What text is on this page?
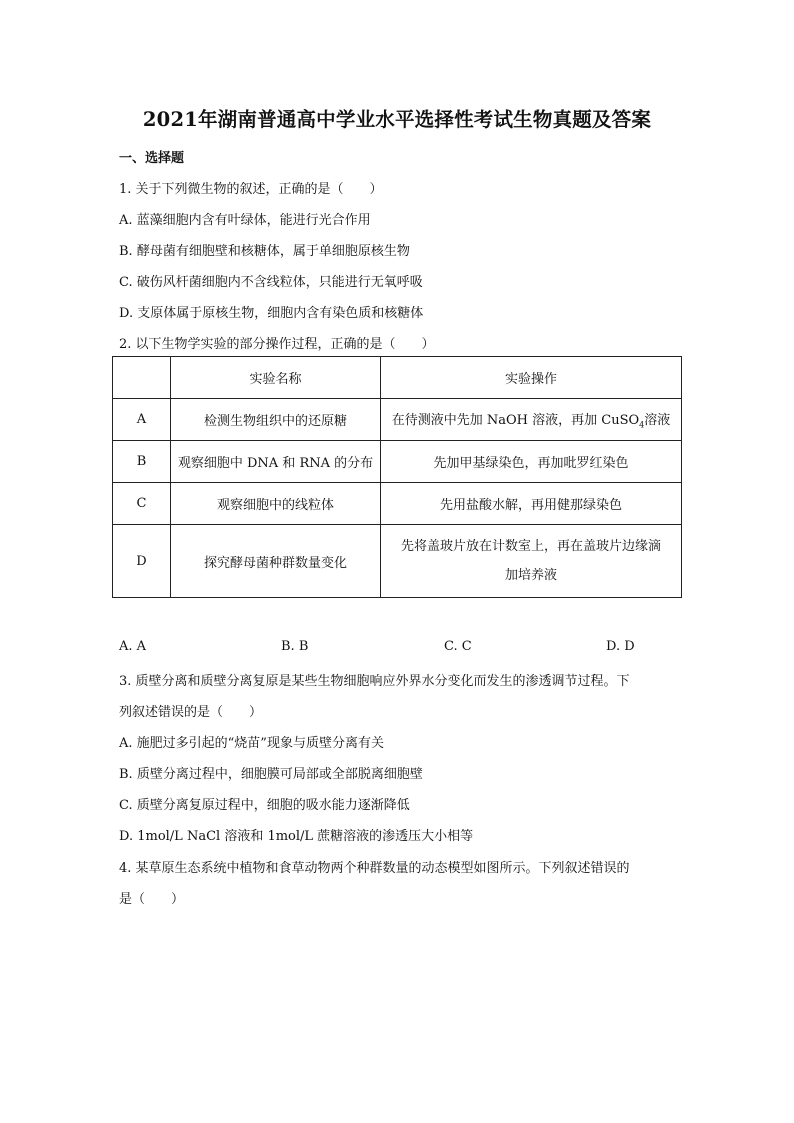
2021年湖南普通高中学业水平选择性考试生物真题及答案
一、选择题
1. 关于下列微生物的叙述，正确的是（　　）
A. 蓝藻细胞内含有叶绿体，能进行光合作用
B. 酵母菌有细胞壁和核糖体，属于单细胞原核生物
C. 破伤风杆菌细胞内不含线粒体，只能进行无氧呼吸
D. 支原体属于原核生物，细胞内含有染色质和核糖体
2. 以下生物学实验的部分操作过程，正确的是（　　）
	实验名称	实验操作
A	检测生物组织中的还原糖	在待测液中先加 NaOH 溶液，再加 CuSO$_4$溶液
B	观察细胞中 DNA 和 RNA 的分布	先加甲基绿染色，再加吡罗红染色
C	观察细胞中的线粒体	先用盐酸水解，再用健那绿染色
D	探究酵母菌种群数量变化	先将盖玻片放在计数室上，再在盖玻片边缘滴
加培养液
A. A	B. B	C. C	D. D
3. 质壁分离和质壁分离复原是某些生物细胞响应外界水分变化而发生的渗透调节过程。下
列叙述错误的是（　　）
A. 施肥过多引起的“烧苗”现象与质壁分离有关
B. 质壁分离过程中，细胞膜可局部或全部脱离细胞壁
C. 质壁分离复原过程中，细胞的吸水能力逐渐降低
D. 1mol/L NaCl 溶液和 1mol/L 蔗糖溶液的渗透压大小相等
4. 某草原生态系统中植物和食草动物两个种群数量的动态模型如图所示。下列叙述错误的
是（　　）
